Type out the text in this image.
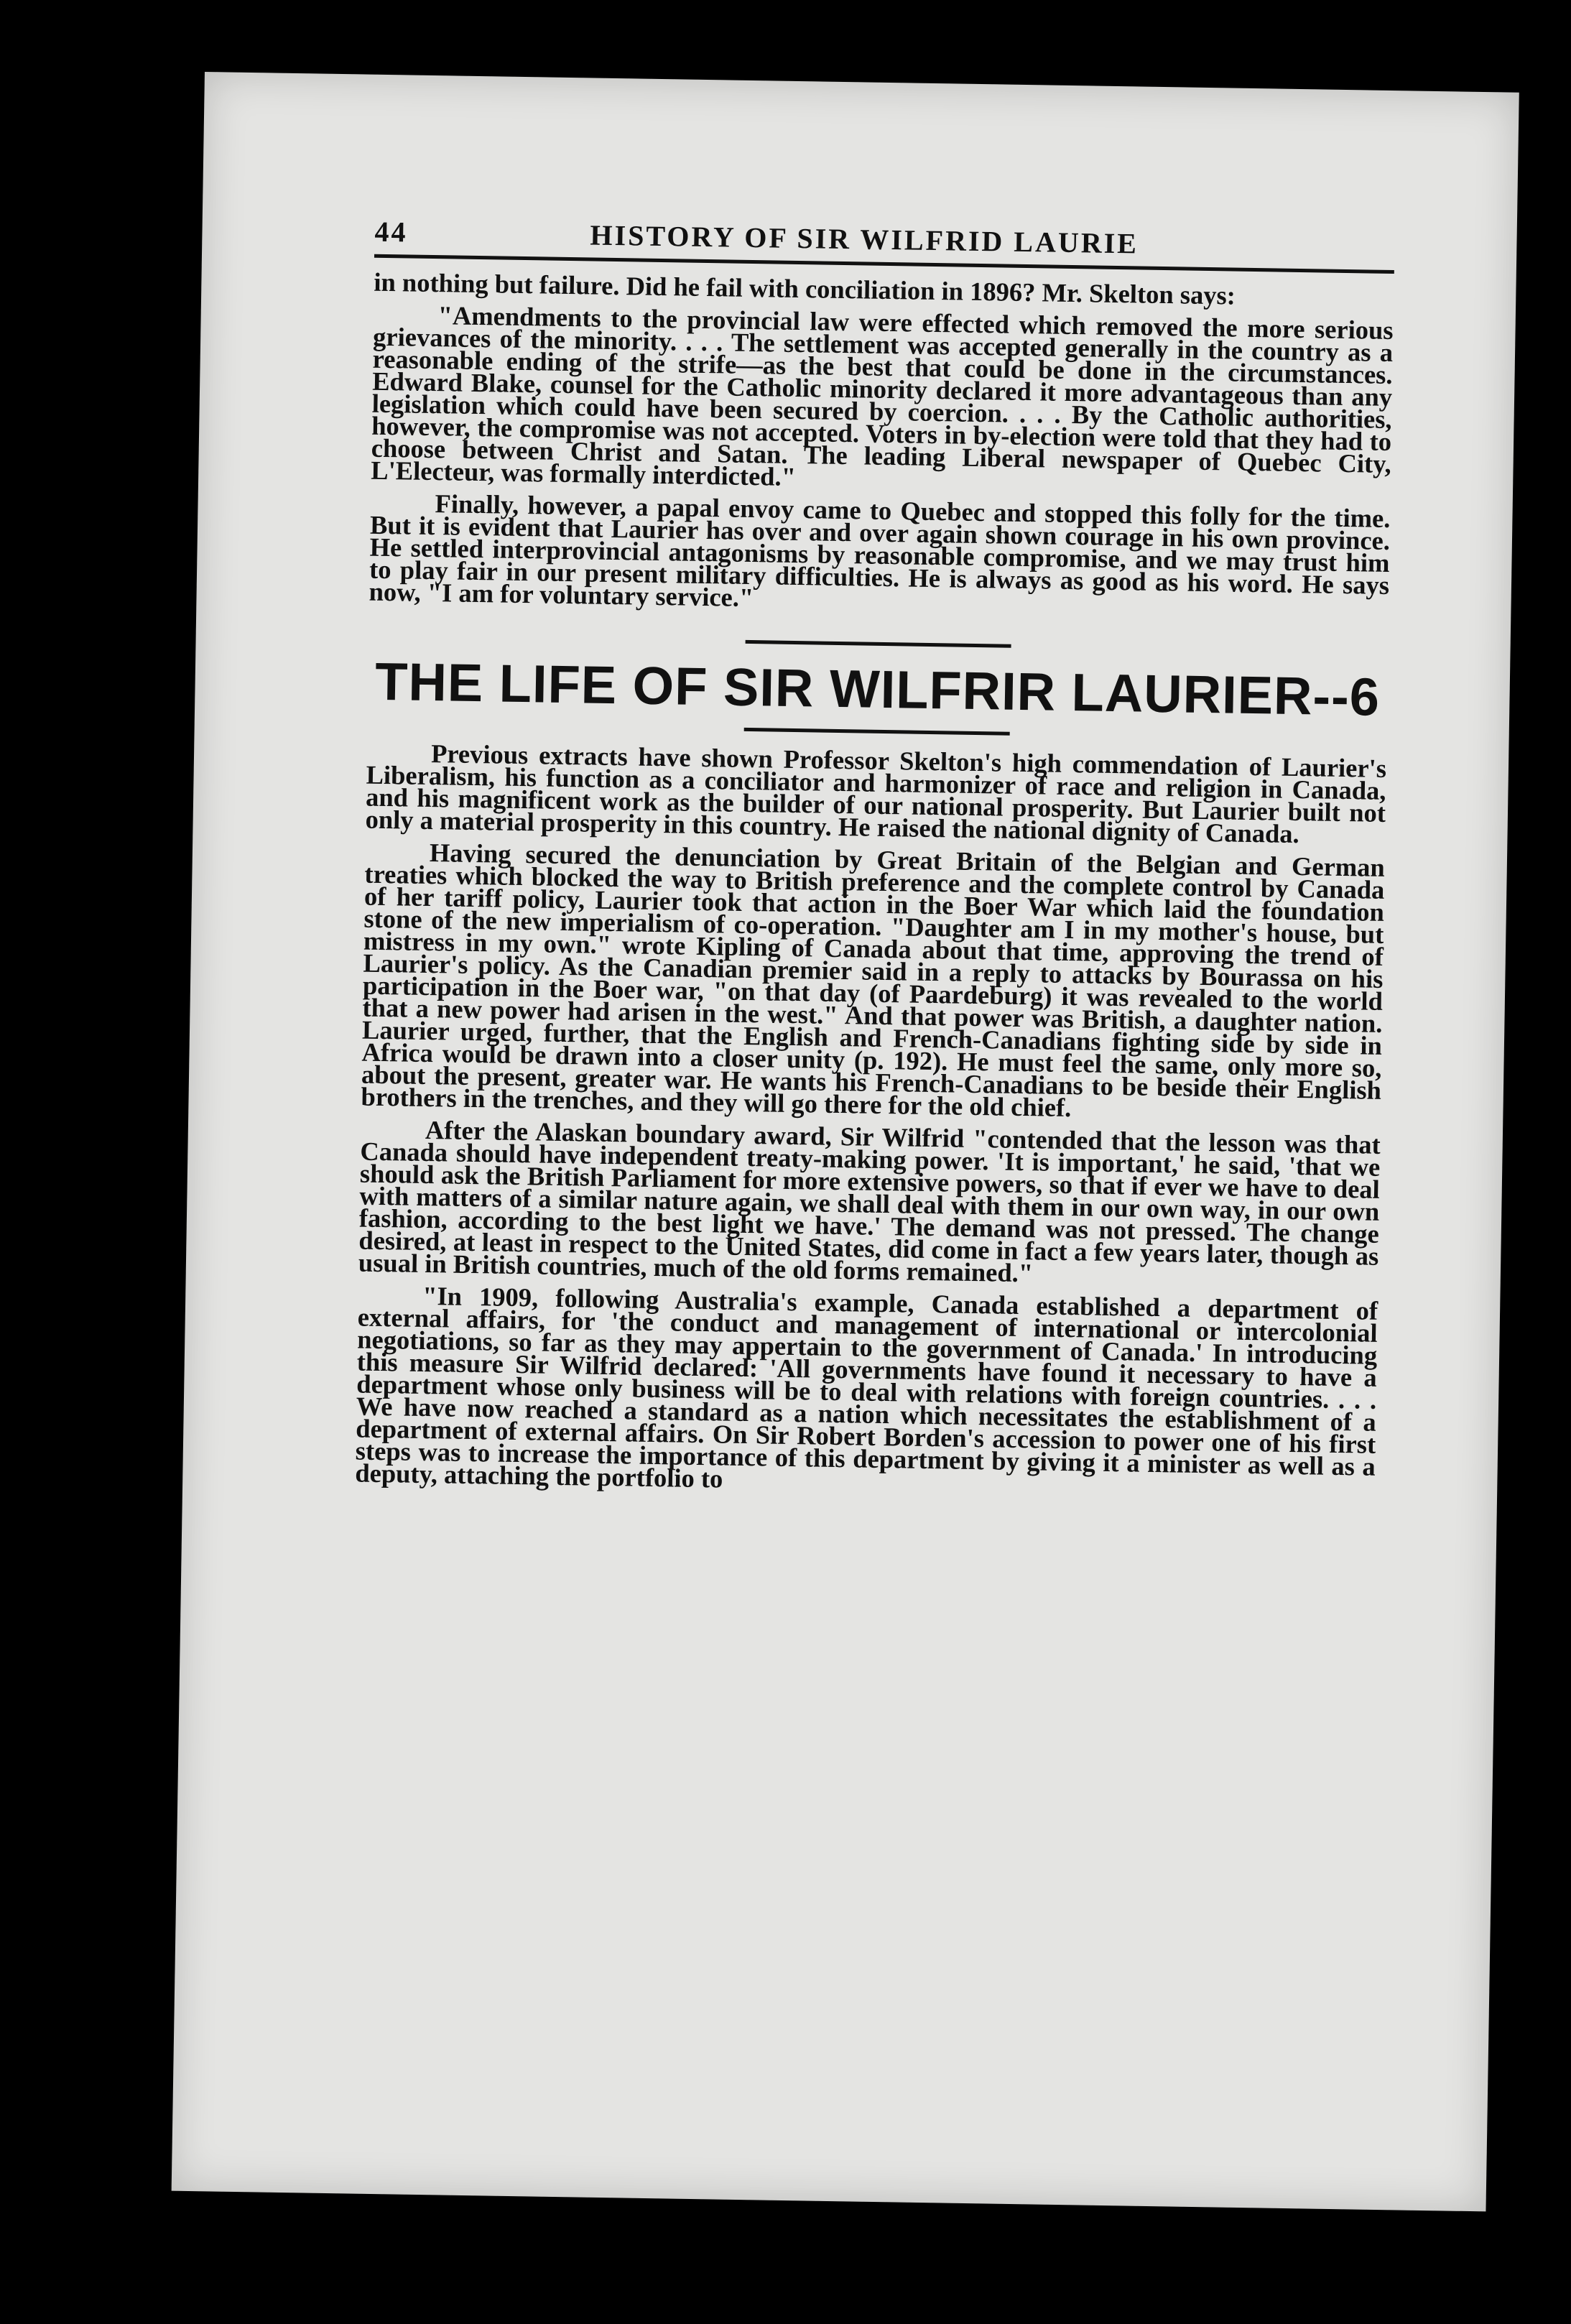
44	HISTORY OF SIR WILFRID LAURIE

in nothing but failure. Did he fail with conciliation in 1896? Mr. Skelton says:

"Amendments to the provincial law were effected which removed the more serious grievances of the minority. . . . The settlement was accepted generally in the country as a reasonable ending of the strife—as the best that could be done in the circumstances. Edward Blake, counsel for the Catholic minority declared it more advantageous than any legislation which could have been secured by coercion. . . . By the Catholic authorities, however, the compromise was not accepted. Voters in by-election were told that they had to choose between Christ and Satan. The leading Liberal newspaper of Quebec City, L'Electeur, was formally interdicted."

Finally, however, a papal envoy came to Quebec and stopped this folly for the time. But it is evident that Laurier has over and over again shown courage in his own province. He settled interprovincial antagonisms by reasonable compromise, and we may trust him to play fair in our present military difficulties. He is always as good as his word. He says now, "I am for voluntary service."

THE LIFE OF SIR WILFRIR LAURIER--6

Previous extracts have shown Professor Skelton's high commendation of Laurier's Liberalism, his function as a conciliator and harmonizer of race and religion in Canada, and his magnificent work as the builder of our national prosperity. But Laurier built not only a material prosperity in this country. He raised the national dignity of Canada.

Having secured the denunciation by Great Britain of the Belgian and German treaties which blocked the way to British preference and the complete control by Canada of her tariff policy, Laurier took that action in the Boer War which laid the foundation stone of the new imperialism of co-operation. "Daughter am I in my mother's house, but mistress in my own." wrote Kipling of Canada about that time, approving the trend of Laurier's policy. As the Canadian premier said in a reply to attacks by Bourassa on his participation in the Boer war, "on that day (of Paardeburg) it was revealed to the world that a new power had arisen in the west." And that power was British, a daughter nation. Laurier urged, further, that the English and French-Canadians fighting side by side in Africa would be drawn into a closer unity (p. 192). He must feel the same, only more so, about the present, greater war. He wants his French-Canadians to be beside their English brothers in the trenches, and they will go there for the old chief.

After the Alaskan boundary award, Sir Wilfrid "contended that the lesson was that Canada should have independent treaty-making power. 'It is important,' he said, 'that we should ask the British Parliament for more extensive powers, so that if ever we have to deal with matters of a similar nature again, we shall deal with them in our own way, in our own fashion, according to the best light we have.' The demand was not pressed. The change desired, at least in respect to the United States, did come in fact a few years later, though as usual in British countries, much of the old forms remained."

"In 1909, following Australia's example, Canada established a department of external affairs, for 'the conduct and management of international or intercolonial negotiations, so far as they may appertain to the government of Canada.' In introducing this measure Sir Wilfrid declared: 'All governments have found it necessary to have a department whose only business will be to deal with relations with foreign countries. . . . We have now reached a standard as a nation which necessitates the establishment of a department of external affairs. On Sir Robert Borden's accession to power one of his first steps was to increase the importance of this department by giving it a minister as well as a deputy, attaching the portfolio to
